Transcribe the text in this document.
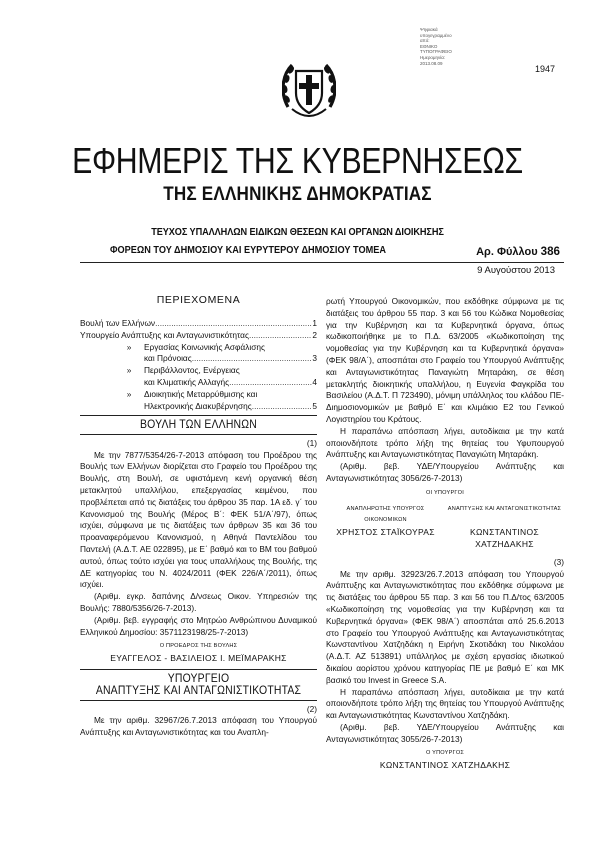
Ψηφιακά
υπογεγραμμένο
από:
ΕΘΝΙΚΟ
ΤΥΠΟΓΡΑΦΕΙΟ
Ημερομηνία:
2013.08.09
1947
ΕΦΗΜΕΡΙΣ ΤΗΣ ΚΥΒΕΡΝΗΣΕΩΣ
ΤΗΣ ΕΛΛΗΝΙΚΗΣ ΔΗΜΟΚΡΑΤΙΑΣ
ΤΕΥΧΟΣ ΥΠΑΛΛΗΛΩΝ ΕΙΔΙΚΩΝ ΘΕΣΕΩΝ ΚΑΙ ΟΡΓΑΝΩΝ ΔΙΟΙΚΗΣΗΣ
ΦΟΡΕΩΝ ΤΟΥ ΔΗΜΟΣΙΟΥ ΚΑΙ ΕΥΡΥΤΕΡΟΥ ΔΗΜΟΣΙΟΥ ΤΟΜΕΑ	Αρ. Φύλλου 386
9 Αυγούστου 2013
ΠΕΡΙΕΧΟΜΕΝΑ
Βουλή των Ελλήνων .....	1
Υπουργείο Ανάπτυξης και Ανταγωνιστικότητας .....	2
»	Εργασίας Κοινωνικής Ασφάλισης
και Πρόνοιας .....	3
»	Περιβάλλοντος, Ενέργειας
και Κλιματικής Αλλαγής .....	4
»	Διοικητικής Μεταρρύθμισης και
Ηλεκτρονικής Διακυβέρνησης .....	5

ΒΟΥΛΗ ΤΩΝ ΕΛΛΗΝΩΝ

(1)

Με την 7877/5354/26-7-2013 απόφαση του Προέδρου της Βουλής των Ελλήνων διορίζεται στο Γραφείο του Προέδρου της Βουλής, στη Βουλή, σε υφιστάμενη κενή οργανική θέση μετακλητού υπαλλήλου, επεξεργασίας κειμένου, που προβλέπεται από τις διατάξεις του άρθρου 35 παρ. 1Α εδ. γ΄ του Κανονισμού της Βουλής (Μέρος Β΄: ΦΕΚ 51/Α΄/97), όπως ισχύει, σύμφωνα με τις διατάξεις των άρθρων 35 και 36 του προαναφερόμενου Κανονισμού, η Αθηνά Παντελίδου του Παντελή (Α.Δ.Τ. ΑΕ 022895), με Ε΄ βαθμό και το ΒΜ του βαθμού αυτού, όπως τούτο ισχύει για τους υπαλλήλους της Βουλής, της ΔΕ κατηγορίας του Ν. 4024/2011 (ΦΕΚ 226/Α΄/2011), όπως ισχύει.

(Αριθμ. εγκρ. δαπάνης Δ/νσεως Οικον. Υπηρεσιών της Βουλής: 7880/5356/26-7-2013).

(Αριθμ. βεβ. εγγραφής στο Μητρώο Ανθρώπινου Δυναμικού Ελληνικού Δημοσίου: 3571123198/25-7-2013)

Ο ΠΡΟΕΔΡΟΣ ΤΗΣ ΒΟΥΛΗΣ

ΕΥΑΓΓΕΛΟΣ - ΒΑΣΙΛΕΙΟΣ Ι. ΜΕΪΜΑΡΑΚΗΣ

ΥΠΟΥΡΓΕΙΟ

ΑΝΑΠΤΥΞΗΣ ΚΑΙ ΑΝΤΑΓΩΝΙΣΤΙΚΟΤΗΤΑΣ

(2)

Με την αριθμ. 32967/26.7.2013 απόφαση του Υπουργού Ανάπτυξης και Ανταγωνιστικότητας και του Αναπλη-

ρωτή Υπουργού Οικονομικών, που εκδόθηκε σύμφωνα με τις διατάξεις του άρθρου 55 παρ. 3 και 56 του Κώδικα Νομοθεσίας για την Κυβέρνηση και τα Κυβερνητικά όργανα, όπως κωδικοποιήθηκε με το Π.Δ. 63/2005 «Κωδικοποίηση της νομοθεσίας για την Κυβέρνηση και τα Κυβερνητικά όργανα» (ΦΕΚ 98/Α΄), αποσπάται στο Γραφείο του Υπουργού Ανάπτυξης και Ανταγωνιστικότητας Παναγιώτη Μηταράκη, σε θέση μετακλητής διοικητικής υπαλλήλου, η Ευγενία Φαγκρίδα του Βασιλείου (Α.Δ.Τ. Π 723490), μόνιμη υπάλληλος του κλάδου ΠΕ-Διημοσιονομικών με βαθμό Ε΄ και κλιμάκιο Ε2 του Γενικού Λογιστηρίου του Κράτους.

Η παραπάνω απόσπαση λήγει, αυτοδίκαια με την κατά οποιονδήποτε τρόπο λήξη της θητείας του Υφυπουργού Ανάπτυξης και Ανταγωνιστικότητας Παναγιώτη Μηταράκη.

(Αριθμ. βεβ. ΥΔΕ/Υπουργείου Ανάπτυξης και Ανταγωνιστικότητας 3056/26-7-2013)

ΟΙ ΥΠΟΥΡΓΟΙ

ΑΝΑΠΛΗΡΩΤΗΣ ΥΠΟΥΡΓΟΣ ΟΙΚΟΝΟΜΙΚΩΝ
ΑΝΑΠΤΥΞΗΣ ΚΑΙ ΑΝΤΑΓΩΝΙΣΤΙΚΟΤΗΤΑΣ
ΧΡΗΣΤΟΣ ΣΤΑΪΚΟΥΡΑΣ	ΚΩΝΣΤΑΝΤΙΝΟΣ ΧΑΤΖΗΔΑΚΗΣ

(3)

Με την αριθμ. 32923/26.7.2013 απόφαση του Υπουργού Ανάπτυξης και Ανταγωνιστικότητας που εκδόθηκε σύμφωνα με τις διατάξεις του άρθρου 55 παρ. 3 και 56 του Π.Δ/τος 63/2005 «Κωδικοποίηση της νομοθεσίας για την Κυβέρνηση και τα Κυβερνητικά όργανα» (ΦΕΚ 98/Α΄) αποσπάται από 25.6.2013 στο Γραφείο του Υπουργού Ανάπτυξης και Ανταγωνιστικότητας Κωνσταντίνου Χατζηδάκη η Ειρήνη Σκοτιδάκη του Νικολάου (Α.Δ.Τ. ΑΖ 513891) υπάλληλος με σχέση εργασίας ιδιωτικού δικαίου αορίστου χρόνου κατηγορίας ΠΕ με βαθμό Ε΄ και ΜΚ βασικό του Invest in Greece S.A.

Η παραπάνω απόσπαση λήγει, αυτοδίκαια με την κατά οποιονδήποτε τρόπο λήξη της θητείας του Υπουργού Ανάπτυξης και Ανταγωνιστικότητας Κωνσταντίνου Χατζηδάκη.

(Αριθμ. βεβ. ΥΔΕ/Υπουργείου Ανάπτυξης και Ανταγωνιστικότητας 3055/26-7-2013)

Ο ΥΠΟΥΡΓΟΣ

ΚΩΝΣΤΑΝΤΙΝΟΣ ΧΑΤΖΗΔΑΚΗΣ
